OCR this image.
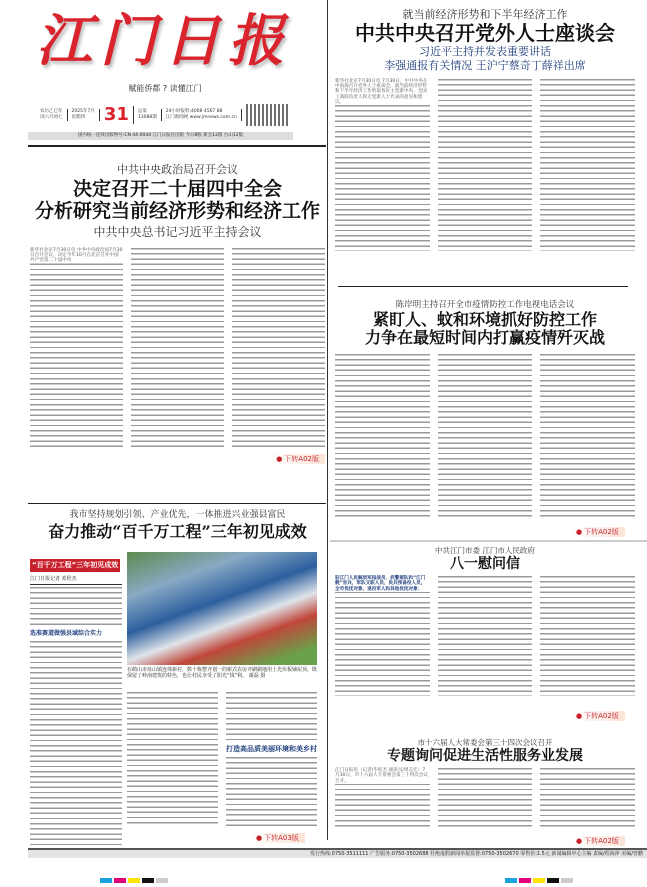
江门日报
赋能侨都 ? 读懂江门
农历乙巳年
闰六月初七
2025年7月
星期四	31	总第
13088期
24小时报料:4008 4567 88
江门新闻网 www.jmnews.com.cn
国内统一连续出版物号:CN 44-0044 江门日报社出版 今日8版 新会12版 台山12版
中共中央政治局召开会议
决定召开二十届四中全会
分析研究当前经济形势和经济工作
中共中央总书记习近平主持会议
新华社北京7月30日电 中共中央政治局7月30日召开会议，决定今年10月在北京召开中国共产党第二十届中央
● 下转A02版
我市坚持规划引领、产业优先，一体推进兴业强县富民
奋力推动“百千万工程”三年初见成效
“百千万工程”三年初见成效
江门日报记者 邓伦杰
选准赛道做强县域综合实力
在鹤山市址山镇连珠新村，数十栋整齐划一的新式农房齐刷刷地用上光伏板铺屋顶，既保留了岭南建筑的特色，也让村民享受了阳光“钱”利。 谢磊 摄
打造高品质美丽环境和美乡村
● 下转A03版
就当前经济形势和下半年经济工作
中共中央召开党外人士座谈会
习近平主持并发表重要讲话
李强通报有关情况 王沪宁蔡奇丁薛祥出席
新华社北京7月30日电 7月30日，中共中央在中南海召开党外人士座谈会，就当前经济形势和下半年经济工作听取各民主党派中央、全国工商联负责人和无党派人士代表的意见和建议。
陈岸明主持召开全市疫情防控工作电视电话会议
紧盯人、蚊和环境抓好防控工作
力争在最短时间内打赢疫情歼灭战
● 下转A02版
中共江门市委 江门市人民政府
八一慰问信
驻江门人民解放军指战员、武警部队和“江门舰”官兵，军队文职人员，民兵预备役人员，全市优抚对象、退役军人和其他优抚对象：
● 下转A02版
市十六届人大常委会第三十四次会议召开
专题询问促进生活性服务业发展
江门日报讯（记者/毕松杰 通讯员/周志宏）7月30日，市十六届人大常委会第三十四次会议召开。
● 下转A02版
发行热线:0750-3511111 广告服务:0750-3502688 杜绝虚假新闻举报监督:0750-3502670 零售价:1.5元 新闻编辑中心主编 责编/程海萍 美编/曾鹏
